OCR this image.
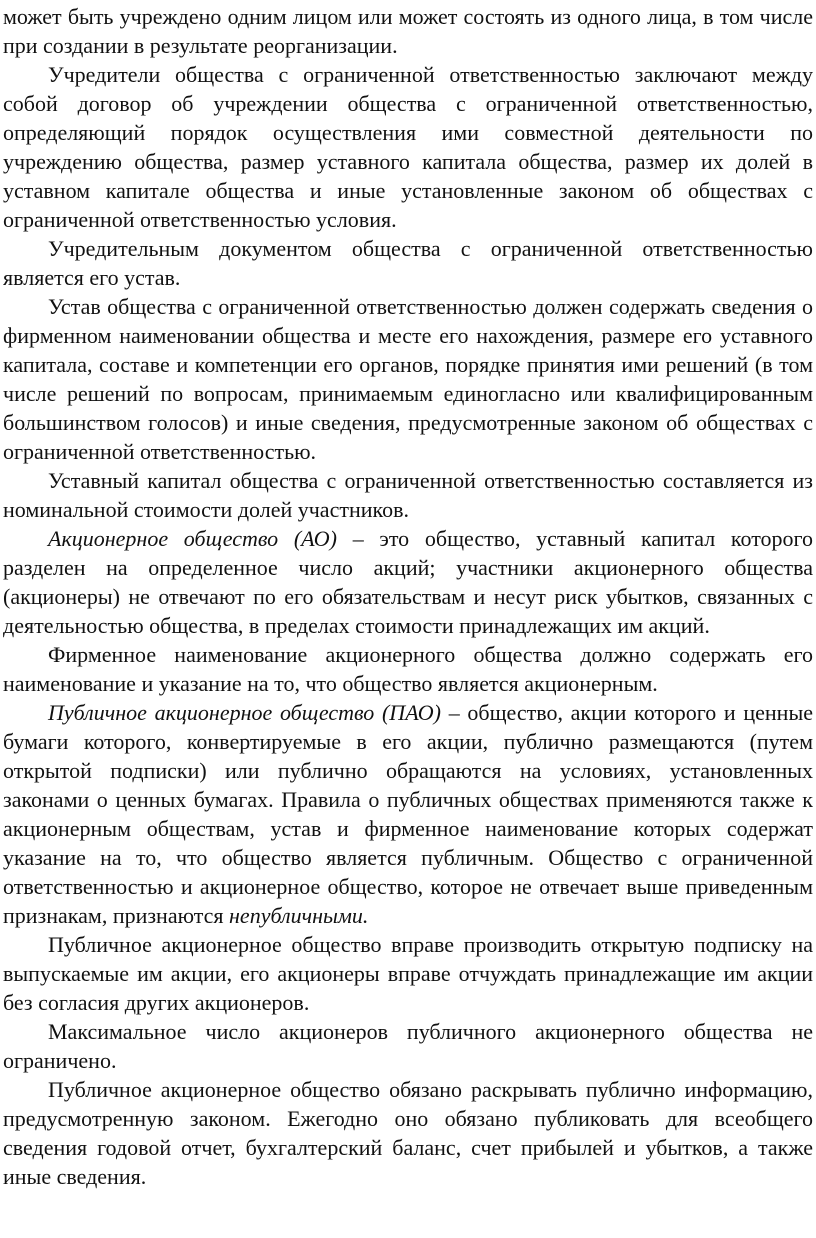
может быть учреждено одним лицом или может состоять из одного лица, в том числе при создании в результате реорганизации.

Учредители общества с ограниченной ответственностью заключают между собой договор об учреждении общества с ограниченной ответственностью, определяющий порядок осуществления ими совместной деятельности по учреждению общества, размер уставного капитала общества, размер их долей в уставном капитале общества и иные установленные законом об обществах с ограниченной ответственностью условия.

Учредительным документом общества с ограниченной ответственностью является его устав.

Устав общества с ограниченной ответственностью должен содержать сведения о фирменном наименовании общества и месте его нахождения, размере его уставного капитала, составе и компетенции его органов, порядке принятия ими решений (в том числе решений по вопросам, принимаемым единогласно или квалифицированным большинством голосов) и иные сведения, предусмотренные законом об обществах с ограниченной ответственностью.

Уставный капитал общества с ограниченной ответственностью составляется из номинальной стоимости долей участников.

Акционерное общество (АО) – это общество, уставный капитал которого разделен на определенное число акций; участники акционерного общества (акционеры) не отвечают по его обязательствам и несут риск убытков, связанных с деятельностью общества, в пределах стоимости принадлежащих им акций.

Фирменное наименование акционерного общества должно содержать его наименование и указание на то, что общество является акционерным.

Публичное акционерное общество (ПАО) – общество, акции которого и ценные бумаги которого, конвертируемые в его акции, публично размещаются (путем открытой подписки) или публично обращаются на условиях, установленных законами о ценных бумагах. Правила о публичных обществах применяются также к акционерным обществам, устав и фирменное наименование которых содержат указание на то, что общество является публичным. Общество с ограниченной ответственностью и акционерное общество, которое не отвечает выше приведенным признакам, признаются непубличными.

Публичное акционерное общество вправе производить открытую подписку на выпускаемые им акции, его акционеры вправе отчуждать принадлежащие им акции без согласия других акционеров.

Максимальное число акционеров публичного акционерного общества не ограничено.

Публичное акционерное общество обязано раскрывать публично информацию, предусмотренную законом. Ежегодно оно обязано публиковать для всеобщего сведения годовой отчет, бухгалтерский баланс, счет прибылей и убытков, а также иные сведения.
